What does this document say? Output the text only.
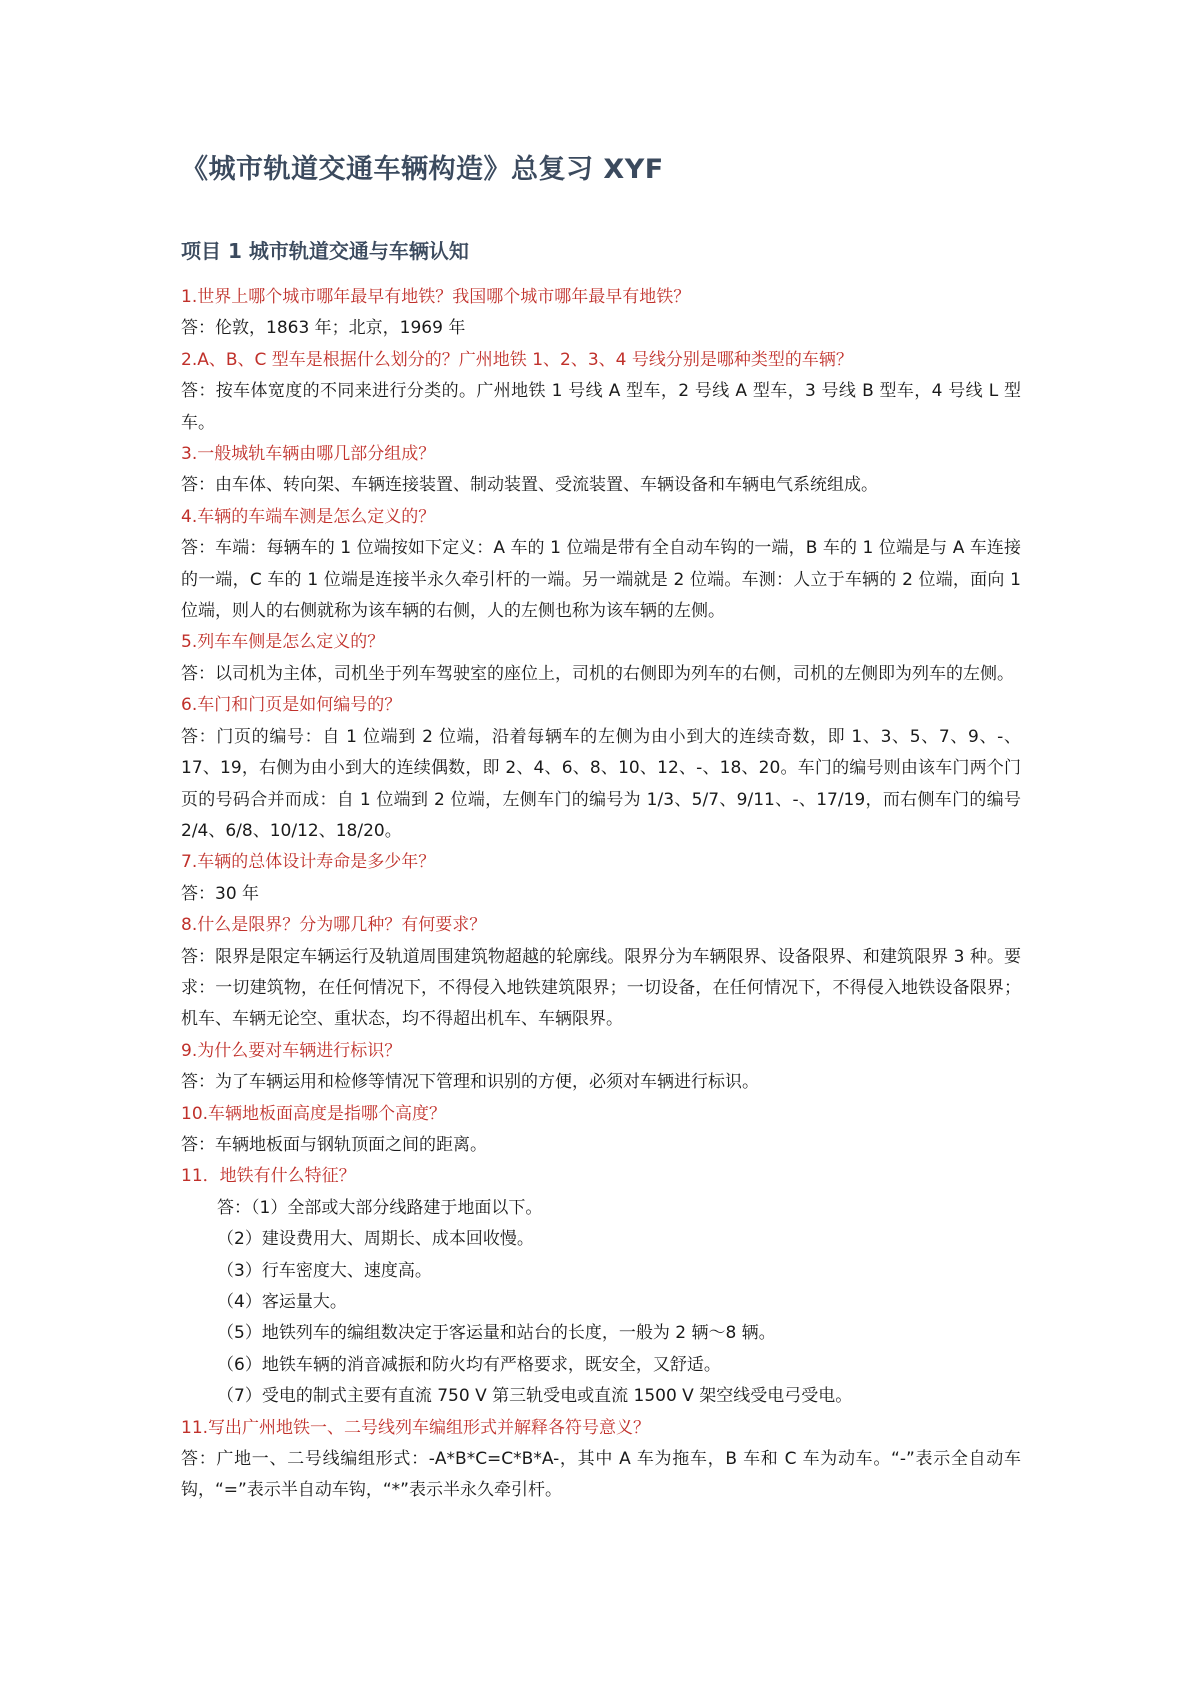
《城市轨道交通车辆构造》总复习 XYF
项目 1 城市轨道交通与车辆认知

1.世界上哪个城市哪年最早有地铁？我国哪个城市哪年最早有地铁？

答：伦敦，1863 年；北京，1969 年

2.A、B、C 型车是根据什么划分的？广州地铁 1、2、3、4 号线分别是哪种类型的车辆？

答：按车体宽度的不同来进行分类的。广州地铁 1 号线 A 型车，2 号线 A 型车，3 号线 B 型车，4 号线 L 型车。

3.一般城轨车辆由哪几部分组成？

答：由车体、转向架、车辆连接装置、制动装置、受流装置、车辆设备和车辆电气系统组成。

4.车辆的车端车测是怎么定义的？

答：车端：每辆车的 1 位端按如下定义：A 车的 1 位端是带有全自动车钩的一端，B 车的 1 位端是与 A 车连接的一端，C 车的 1 位端是连接半永久牵引杆的一端。另一端就是 2 位端。车测：人立于车辆的 2 位端，面向 1 位端，则人的右侧就称为该车辆的右侧，人的左侧也称为该车辆的左侧。

5.列车车侧是怎么定义的？

答：以司机为主体，司机坐于列车驾驶室的座位上，司机的右侧即为列车的右侧，司机的左侧即为列车的左侧。

6.车门和门页是如何编号的？

答：门页的编号：自 1 位端到 2 位端，沿着每辆车的左侧为由小到大的连续奇数，即 1、3、5、7、9、-、17、19，右侧为由小到大的连续偶数，即 2、4、6、8、10、12、-、18、20。车门的编号则由该车门两个门页的号码合并而成：自 1 位端到 2 位端，左侧车门的编号为 1/3、5/7、9/11、-、17/19，而右侧车门的编号 2/4、6/8、10/12、18/20。

7.车辆的总体设计寿命是多少年？

答：30 年

8.什么是限界？分为哪几种？有何要求？

答：限界是限定车辆运行及轨道周围建筑物超越的轮廓线。限界分为车辆限界、设备限界、和建筑限界 3 种。要求：一切建筑物，在任何情况下，不得侵入地铁建筑限界；一切设备，在任何情况下，不得侵入地铁设备限界；机车、车辆无论空、重状态，均不得超出机车、车辆限界。

9.为什么要对车辆进行标识？

答：为了车辆运用和检修等情况下管理和识别的方便，必须对车辆进行标识。

10.车辆地板面高度是指哪个高度？

答：车辆地板面与钢轨顶面之间的距离。

11．地铁有什么特征？

答：（1）全部或大部分线路建于地面以下。

（2）建设费用大、周期长、成本回收慢。

（3）行车密度大、速度高。

（4）客运量大。

（5）地铁列车的编组数决定于客运量和站台的长度，一般为 2 辆～8 辆。

（6）地铁车辆的消音减振和防火均有严格要求，既安全，又舒适。

（7）受电的制式主要有直流 750 V 第三轨受电或直流 1500 V 架空线受电弓受电。

11.写出广州地铁一、二号线列车编组形式并解释各符号意义？

答：广地一、二号线编组形式：-A*B*C=C*B*A-，其中 A 车为拖车，B 车和 C 车为动车。“-”表示全自动车钩，“=”表示半自动车钩，“*”表示半永久牵引杆。
